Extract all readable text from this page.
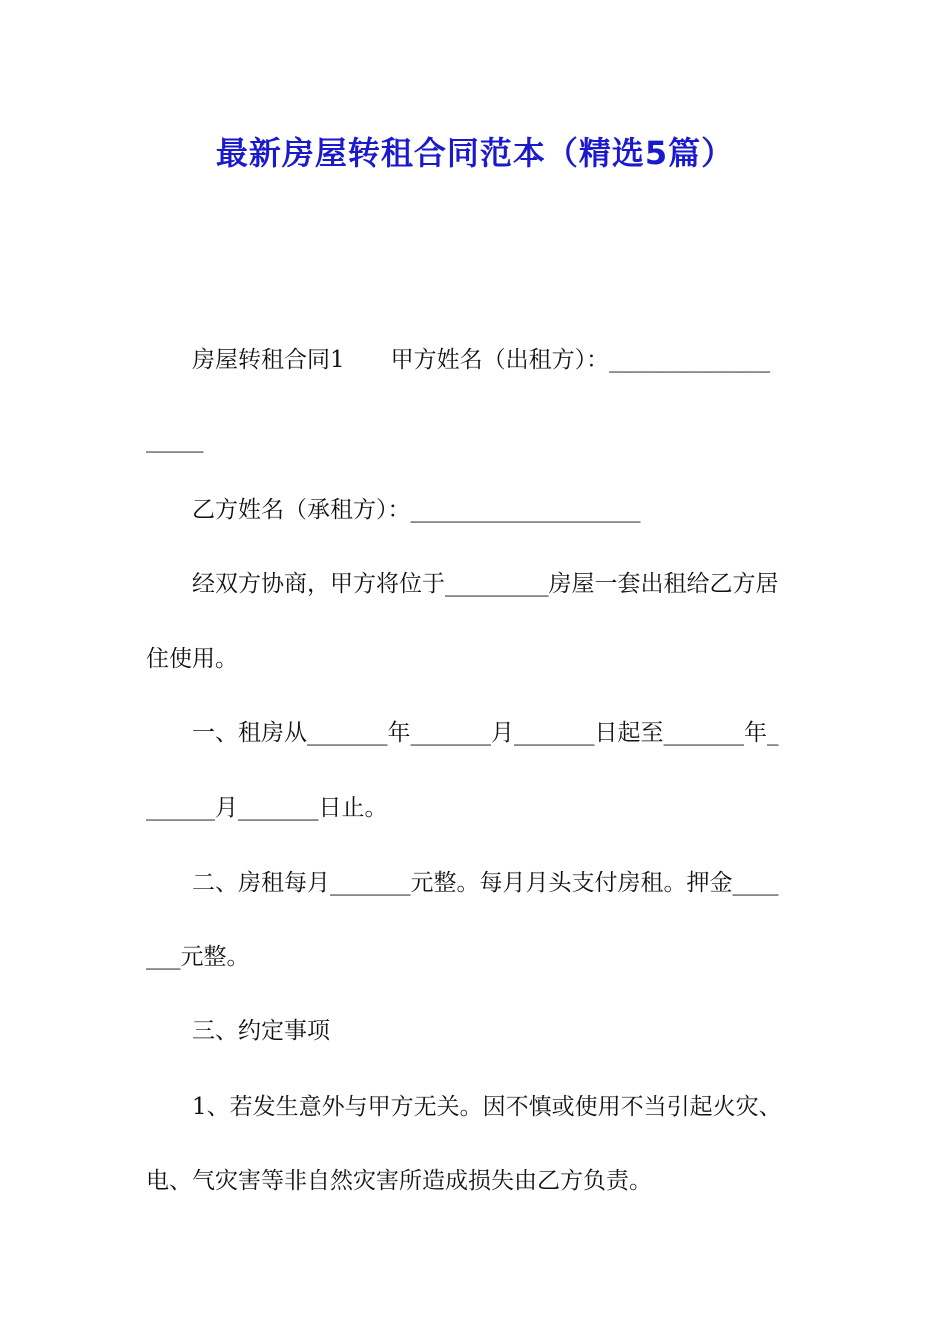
最新房屋转租合同范本（精选5篇）
房屋转租合同1　　甲方姓名（出租方）：______________
_____
乙方姓名（承租方）：____________________
经双方协商，甲方将位于_________房屋一套出租给乙方居
住使用。
一、租房从_______年_______月_______日起至_______年_
______月_______日止。
二、房租每月_______元整。每月月头支付房租。押金____
___元整。
三、约定事项
1、若发生意外与甲方无关。因不慎或使用不当引起火灾、
电、气灾害等非自然灾害所造成损失由乙方负责。
